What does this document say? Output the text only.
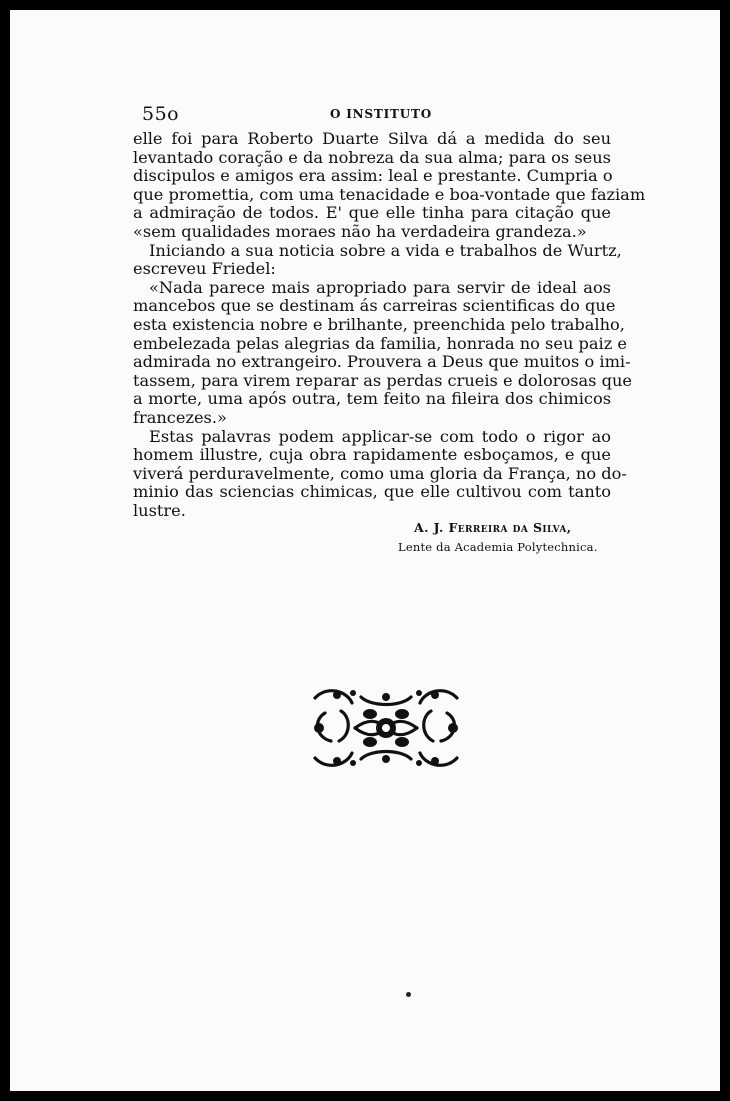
55o	O INSTITUTO
elle foi para Roberto Duarte Silva dá a medida do seu
levantado coração e da nobreza da sua alma; para os seus
discipulos e amigos era assim: leal e prestante. Cumpria o
que promettia, com uma tenacidade e boa-vontade que faziam
a admiração de todos. E' que elle tinha para citação que
«sem qualidades moraes não ha verdadeira grandeza.»
Iniciando a sua noticia sobre a vida e trabalhos de Wurtz,
escreveu Friedel:
«Nada parece mais apropriado para servir de ideal aos
mancebos que se destinam ás carreiras scientificas do que
esta existencia nobre e brilhante, preenchida pelo trabalho,
embelezada pelas alegrias da familia, honrada no seu paiz e
admirada no extrangeiro. Prouvera a Deus que muitos o imi-
tassem, para virem reparar as perdas crueis e dolorosas que
a morte, uma após outra, tem feito na fileira dos chimicos
francezes.»
Estas palavras podem applicar-se com todo o rigor ao
homem illustre, cuja obra rapidamente esboçamos, e que
viverá perduravelmente, como uma gloria da França, no do-
minio das sciencias chimicas, que elle cultivou com tanto
lustre.
A. J. Ferreira da Silva,
Lente da Academia Polytechnica.
